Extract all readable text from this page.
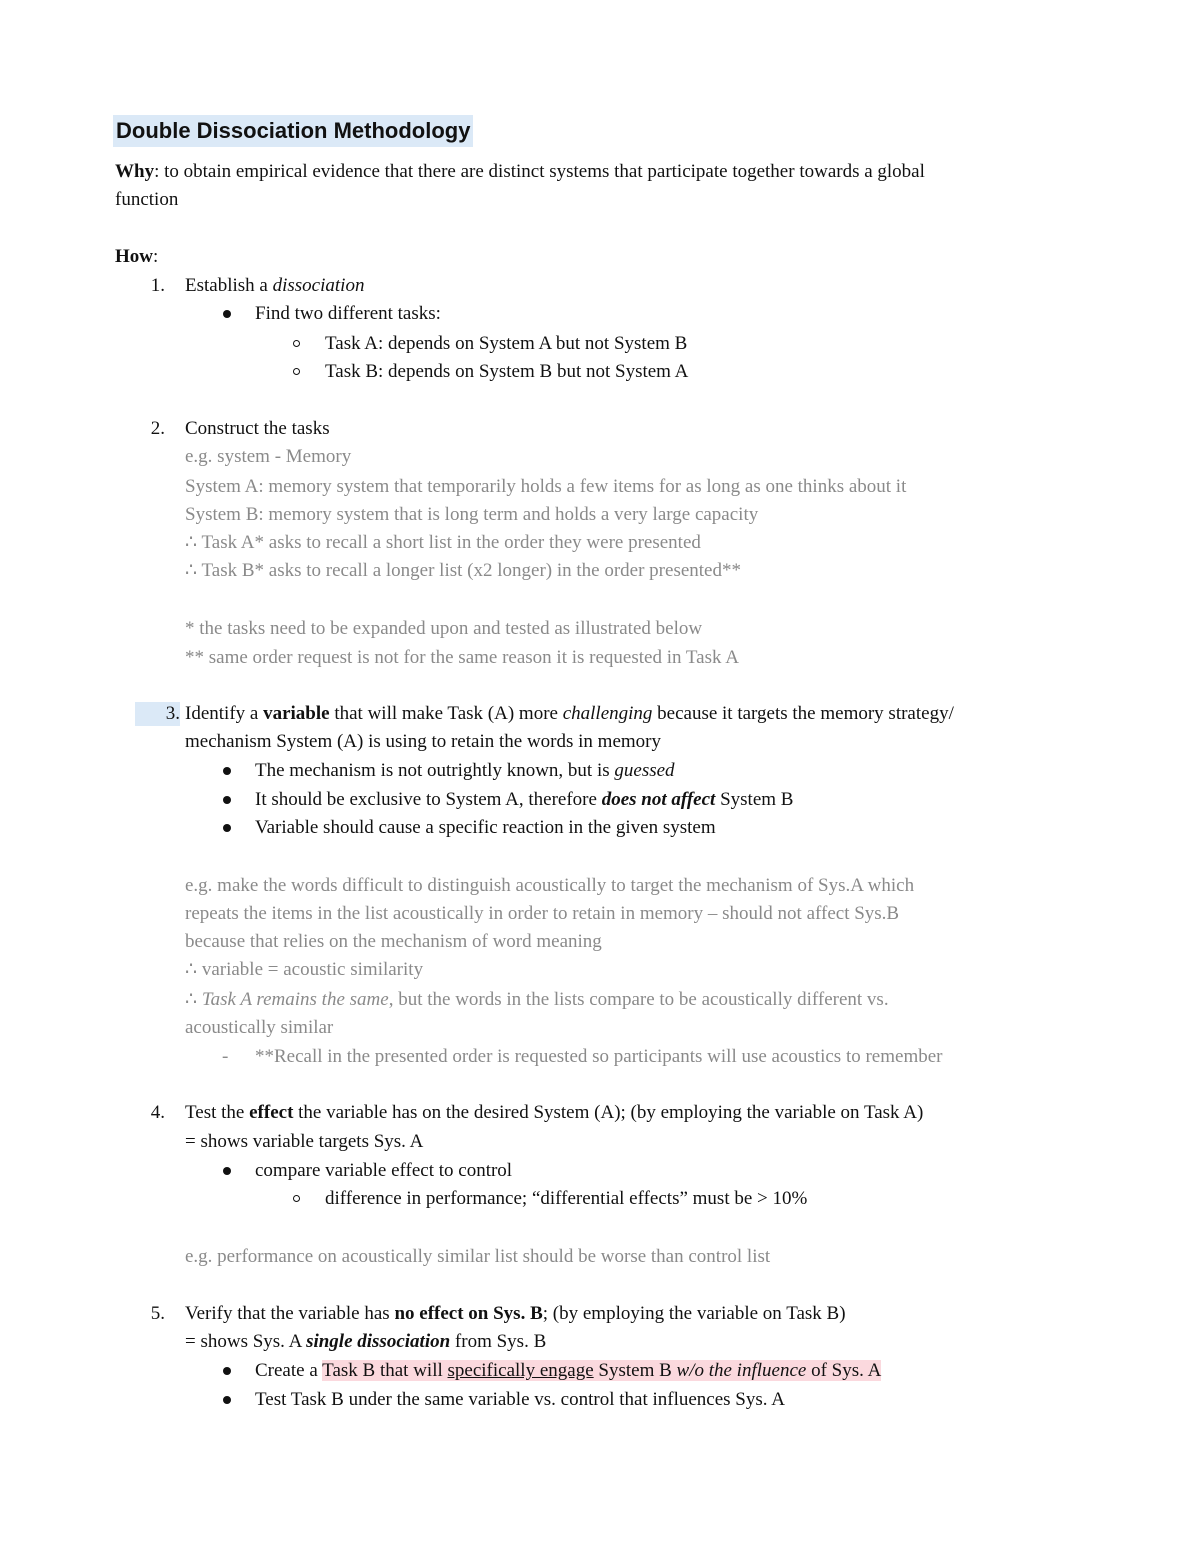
Double Dissociation Methodology
Why: to obtain empirical evidence that there are distinct systems that participate together towards a global
function
How:
1. Establish a dissociation
Find two different tasks:
Task A: depends on System A but not System B
Task B: depends on System B but not System A
2. Construct the tasks
e.g. system - Memory
System A: memory system that temporarily holds a few items for as long as one thinks about it
System B: memory system that is long term and holds a very large capacity
∴ Task A* asks to recall a short list in the order they were presented
∴ Task B* asks to recall a longer list (x2 longer) in the order presented**
* the tasks need to be expanded upon and tested as illustrated below
** same order request is not for the same reason it is requested in Task A
3. Identify a variable that will make Task (A) more challenging because it targets the memory strategy/
mechanism System (A) is using to retain the words in memory
The mechanism is not outrightly known, but is guessed
It should be exclusive to System A, therefore does not affect System B
Variable should cause a specific reaction in the given system
e.g. make the words difficult to distinguish acoustically to target the mechanism of Sys.A which
repeats the items in the list acoustically in order to retain in memory – should not affect Sys.B
because that relies on the mechanism of word meaning
∴ variable = acoustic similarity
∴ Task A remains the same, but the words in the lists compare to be acoustically different vs.
acoustically similar
- **Recall in the presented order is requested so participants will use acoustics to remember
4. Test the effect the variable has on the desired System (A); (by employing the variable on Task A)
= shows variable targets Sys. A
compare variable effect to control
difference in performance; “differential effects” must be > 10%
e.g. performance on acoustically similar list should be worse than control list
5. Verify that the variable has no effect on Sys. B; (by employing the variable on Task B)
= shows Sys. A single dissociation from Sys. B
Create a Task B that will specifically engage System B w/o the influence of Sys. A
Test Task B under the same variable vs. control that influences Sys. A
